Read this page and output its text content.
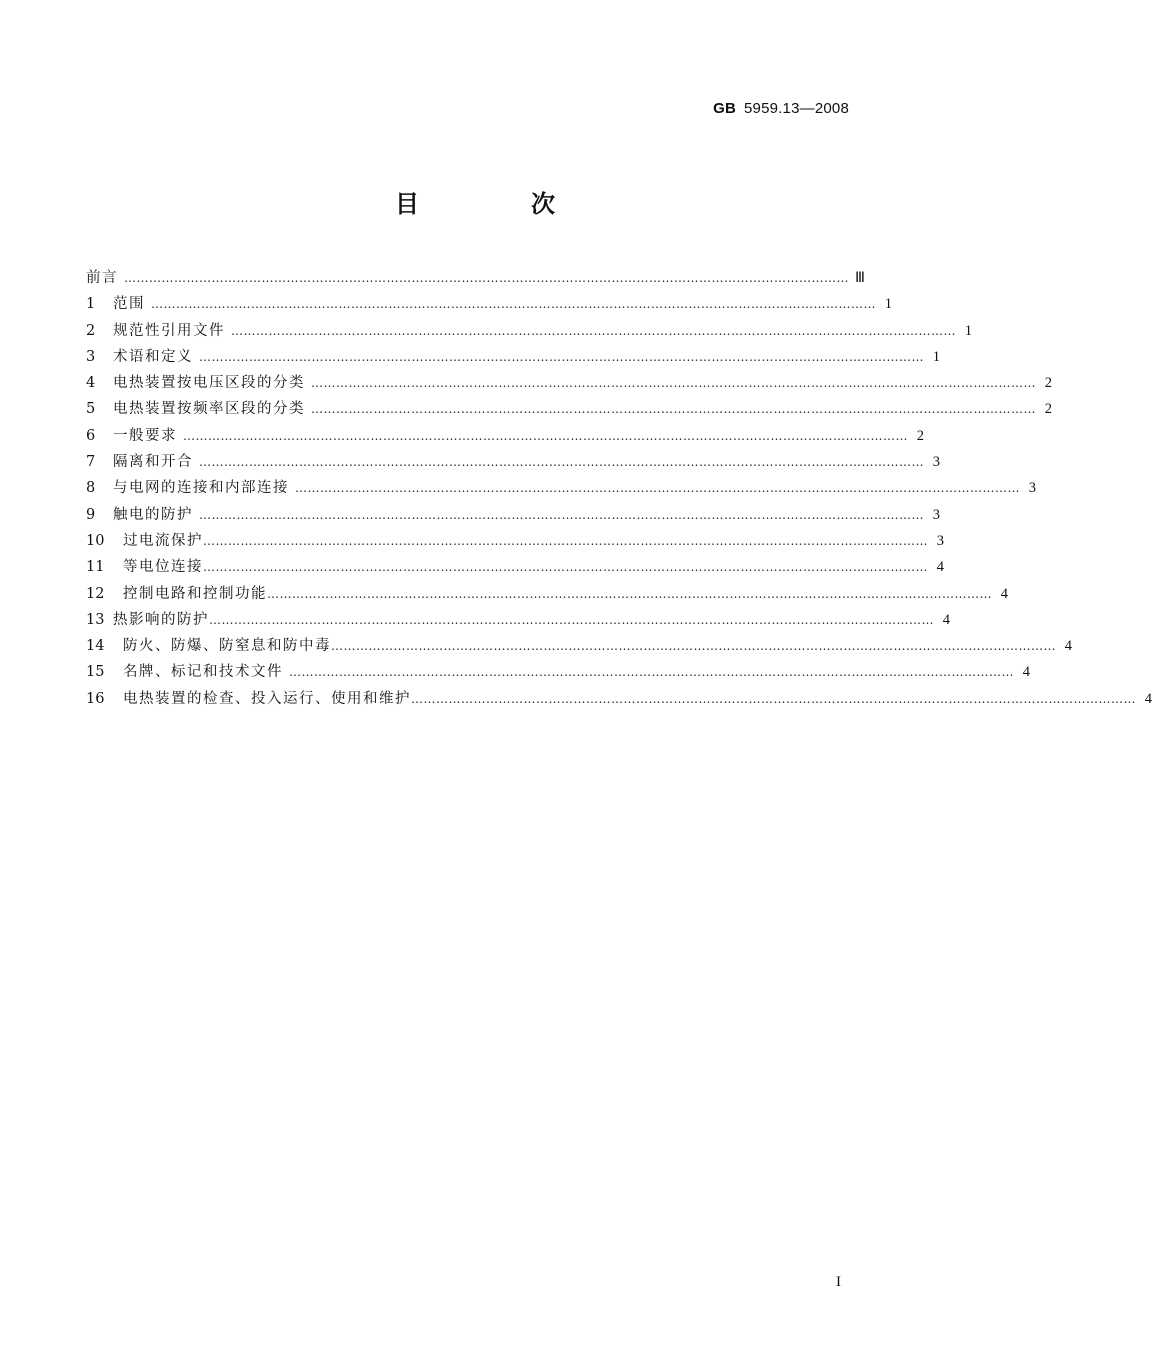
GB 5959.13—2008
目　次
前言 ………………………………………………………………………………………………………………………………………………………… Ⅲ
1	范围 ………………………………………………………………………………………………………………………………………………………… 1
2	规范性引用文件 ………………………………………………………………………………………………………………………………………………………… 1
3	术语和定义 ………………………………………………………………………………………………………………………………………………………… 1
4	电热装置按电压区段的分类 ………………………………………………………………………………………………………………………………………………………… 2
5	电热装置按频率区段的分类 ………………………………………………………………………………………………………………………………………………………… 2
6	一般要求 ………………………………………………………………………………………………………………………………………………………… 2
7	隔离和开合 ………………………………………………………………………………………………………………………………………………………… 3
8	与电网的连接和内部连接 ………………………………………………………………………………………………………………………………………………………… 3
9	触电的防护 ………………………………………………………………………………………………………………………………………………………… 3
10	过电流保护 ………………………………………………………………………………………………………………………………………………………… 3
11	等电位连接 ………………………………………………………………………………………………………………………………………………………… 4
12	控制电路和控制功能 ………………………………………………………………………………………………………………………………………………………… 4
13 热影响的防护 ………………………………………………………………………………………………………………………………………………………… 4
14	防火、防爆、防窒息和防中毒 ………………………………………………………………………………………………………………………………………………………… 4
15	名牌、标记和技术文件 ………………………………………………………………………………………………………………………………………………………… 4
16	电热装置的检查、投入运行、使用和维护 ………………………………………………………………………………………………………………………………………………………… 4
I
